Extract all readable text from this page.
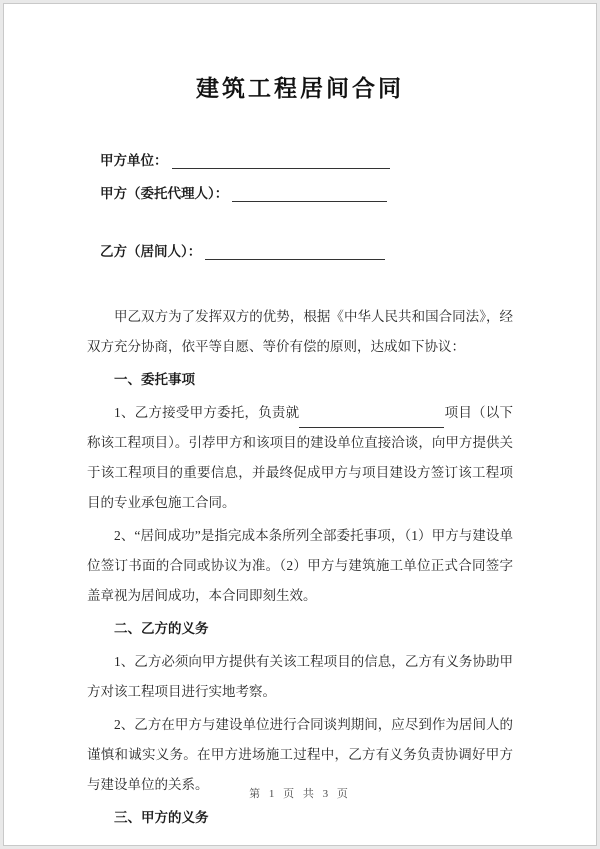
建筑工程居间合同
甲方单位：
甲方（委托代理人）：
乙方（居间人）：

甲乙双方为了发挥双方的优势，根据《中华人民共和国合同法》，经双方充分协商，依平等自愿、等价有偿的原则，达成如下协议：

一、委托事项

1、乙方接受甲方委托，负责就	项目（以下称该工程项目）。引荐甲方和该项目的建设单位直接洽谈，向甲方提供关于该工程项目的重要信息，并最终促成甲方与项目建设方签订该工程项目的专业承包施工合同。

2、“居间成功”是指完成本条所列全部委托事项，（1）甲方与建设单位签订书面的合同或协议为准。（2）甲方与建筑施工单位正式合同签字盖章视为居间成功，本合同即刻生效。

二、乙方的义务

1、乙方必须向甲方提供有关该工程项目的信息，乙方有义务协助甲方对该工程项目进行实地考察。

2、乙方在甲方与建设单位进行合同谈判期间，应尽到作为居间人的谨慎和诚实义务。在甲方进场施工过程中，乙方有义务负责协调好甲方与建设单位的关系。

三、甲方的义务

第 1 页 共 3 页
